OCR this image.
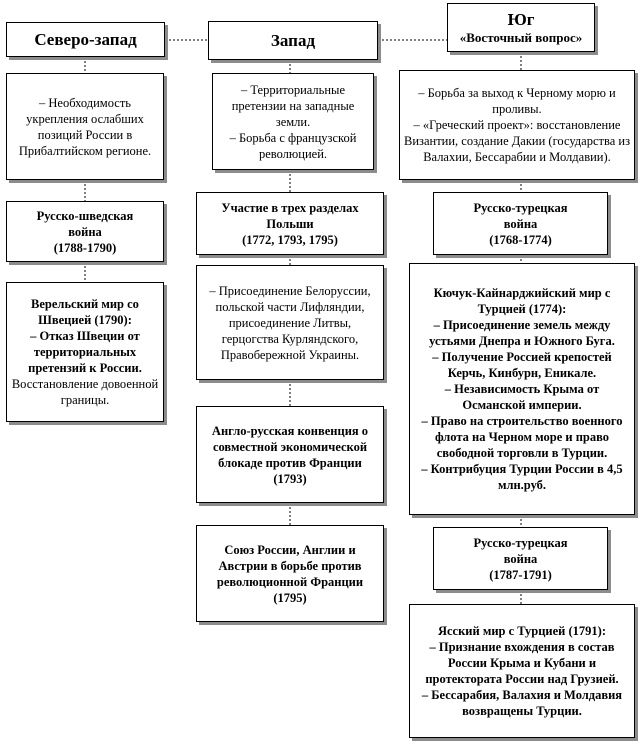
Северо-запад	Запад
Юг
«Восточный вопрос»
– Необходимость укрепления ослабших позиций России в Прибалтийском регионе.
Русско-шведская
война
(1788-1790)
Верельский мир со Швецией (1790):
– Отказ Швеции от территориальных претензий к России.
Восстановление довоенной границы.
– Территориальные претензии на западные земли.
– Борьба с французской революцией.
Участие в трех разделах Польши
(1772, 1793, 1795)
– Присоединение Белоруссии, польской части Лифляндии, присоединение Литвы, герцогства Курляндского, Правобережной Украины.
Англо-русская конвенция о совместной экономической блокаде против Франции
(1793)
Союз России, Англии и Австрии в борьбе против революционной Франции
(1795)
– Борьба за выход к Черному морю и проливы.
– «Греческий проект»: восстановление Византии, создание Дакии (государства из Валахии, Бессарабии и Молдавии).
Русско-турецкая
война
(1768-1774)
Кючук-Кайнарджийский мир с Турцией (1774):
– Присоединение земель между устьями Днепра и Южного Буга.
– Получение Россией крепостей Керчь, Кинбурн, Еникале.
– Независимость Крыма от Османской империи.
– Право на строительство военного флота на Черном море и право свободной торговли в Турции.
– Контрибуция Турции России в 4,5 млн.руб.
Русско-турецкая
война
(1787-1791)
Ясский мир с Турцией (1791):
– Признание вхождения в состав России Крыма и Кубани и протектората России над Грузией.
– Бессарабия, Валахия и Молдавия возвращены Турции.
